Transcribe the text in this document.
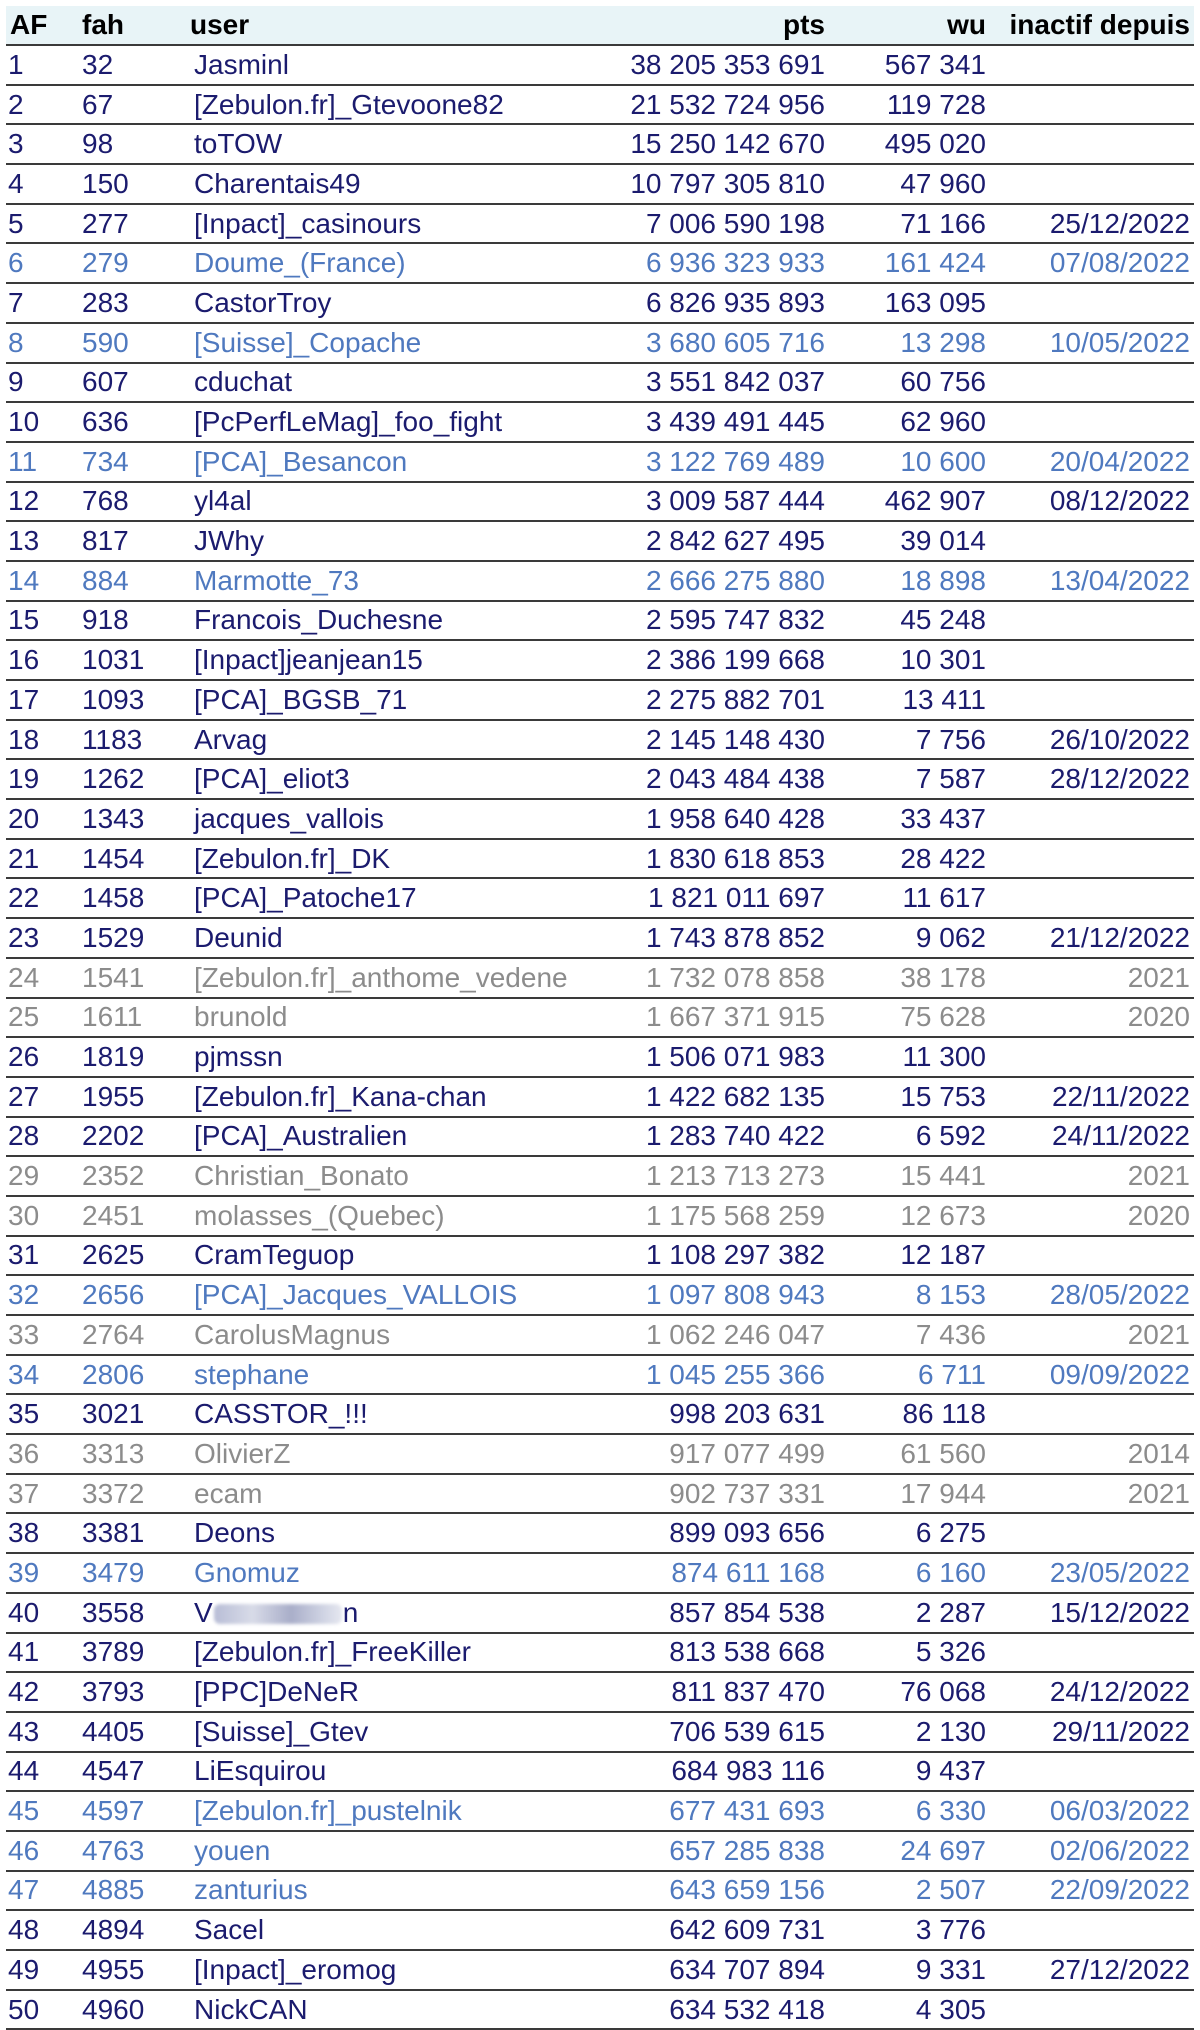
AF	fah	user	pts	wu	inactif depuis
1	32	Jasminl	38 205 353 691	567 341	
2	67	[Zebulon.fr]_Gtevoone82	21 532 724 956	119 728	
3	98	toTOW	15 250 142 670	495 020	
4	150	Charentais49	10 797 305 810	47 960	
5	277	[Inpact]_casinours	7 006 590 198	71 166	25/12/2022
6	279	Doume_(France)	6 936 323 933	161 424	07/08/2022
7	283	CastorTroy	6 826 935 893	163 095	
8	590	[Suisse]_Copache	3 680 605 716	13 298	10/05/2022
9	607	cduchat	3 551 842 037	60 756	
10	636	[PcPerfLeMag]_foo_fight	3 439 491 445	62 960	
11	734	[PCA]_Besancon	3 122 769 489	10 600	20/04/2022
12	768	yl4al	3 009 587 444	462 907	08/12/2022
13	817	JWhy	2 842 627 495	39 014	
14	884	Marmotte_73	2 666 275 880	18 898	13/04/2022
15	918	Francois_Duchesne	2 595 747 832	45 248	
16	1031	[Inpact]jeanjean15	2 386 199 668	10 301	
17	1093	[PCA]_BGSB_71	2 275 882 701	13 411	
18	1183	Arvag	2 145 148 430	7 756	26/10/2022
19	1262	[PCA]_eliot3	2 043 484 438	7 587	28/12/2022
20	1343	jacques_vallois	1 958 640 428	33 437	
21	1454	[Zebulon.fr]_DK	1 830 618 853	28 422	
22	1458	[PCA]_Patoche17	1 821 011 697	11 617	
23	1529	Deunid	1 743 878 852	9 062	21/12/2022
24	1541	[Zebulon.fr]_anthome_vedene	1 732 078 858	38 178	2021
25	1611	brunold	1 667 371 915	75 628	2020
26	1819	pjmssn	1 506 071 983	11 300	
27	1955	[Zebulon.fr]_Kana-chan	1 422 682 135	15 753	22/11/2022
28	2202	[PCA]_Australien	1 283 740 422	6 592	24/11/2022
29	2352	Christian_Bonato	1 213 713 273	15 441	2021
30	2451	molasses_(Quebec)	1 175 568 259	12 673	2020
31	2625	CramTeguop	1 108 297 382	12 187	
32	2656	[PCA]_Jacques_VALLOIS	1 097 808 943	8 153	28/05/2022
33	2764	CarolusMagnus	1 062 246 047	7 436	2021
34	2806	stephane	1 045 255 366	6 711	09/09/2022
35	3021	CASSTOR_!!!	998 203 631	86 118	
36	3313	OlivierZ	917 077 499	61 560	2014
37	3372	ecam	902 737 331	17 944	2021
38	3381	Deons	899 093 656	6 275	
39	3479	Gnomuz	874 611 168	6 160	23/05/2022
40	3558	V n	857 854 538	2 287	15/12/2022
41	3789	[Zebulon.fr]_FreeKiller	813 538 668	5 326	
42	3793	[PPC]DeNeR	811 837 470	76 068	24/12/2022
43	4405	[Suisse]_Gtev	706 539 615	2 130	29/11/2022
44	4547	LiEsquirou	684 983 116	9 437	
45	4597	[Zebulon.fr]_pustelnik	677 431 693	6 330	06/03/2022
46	4763	youen	657 285 838	24 697	02/06/2022
47	4885	zanturius	643 659 156	2 507	22/09/2022
48	4894	Sacel	642 609 731	3 776	
49	4955	[Inpact]_eromog	634 707 894	9 331	27/12/2022
50	4960	NickCAN	634 532 418	4 305	
